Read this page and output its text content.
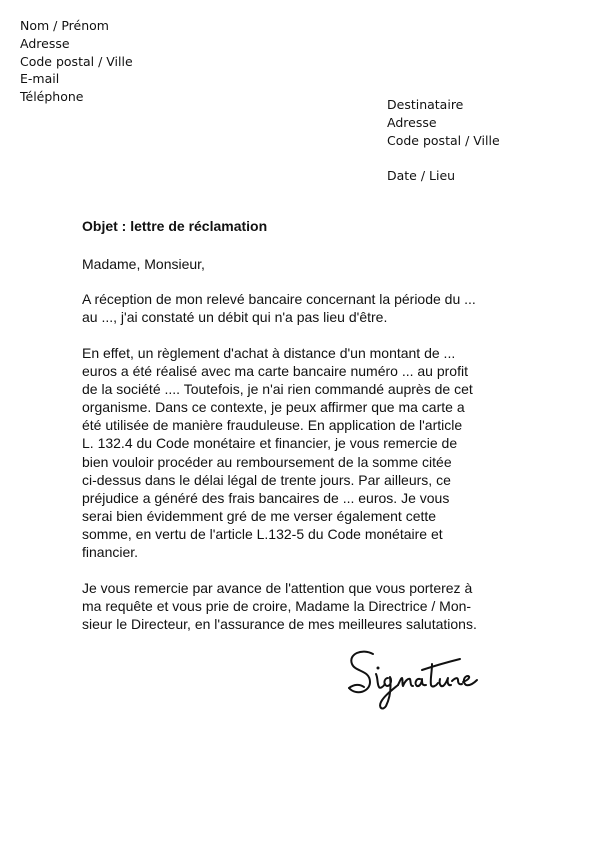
Nom / Prénom
Adresse
Code postal / Ville
E-mail
Téléphone
Destinataire
Adresse
Code postal / Ville
Date / Lieu
Objet : lettre de réclamation
Madame, Monsieur,
A réception de mon relevé bancaire concernant la période du ...
au ..., j'ai constaté un débit qui n'a pas lieu d'être.
En effet, un règlement d'achat à distance d'un montant de ...
euros a été réalisé avec ma carte bancaire numéro ... au profit
de la société .... Toutefois, je n'ai rien commandé auprès de cet
organisme. Dans ce contexte, je peux affirmer que ma carte a
été utilisée de manière frauduleuse. En application de l'article
L. 132.4 du Code monétaire et financier, je vous remercie de
bien vouloir procéder au remboursement de la somme citée
ci-dessus dans le délai légal de trente jours. Par ailleurs, ce
préjudice a généré des frais bancaires de ... euros. Je vous
serai bien évidemment gré de me verser également cette
somme, en vertu de l'article L.132-5 du Code monétaire et
financier.
Je vous remercie par avance de l'attention que vous porterez à
ma requête et vous prie de croire, Madame la Directrice / Mon-
sieur le Directeur, en l'assurance de mes meilleures salutations.
